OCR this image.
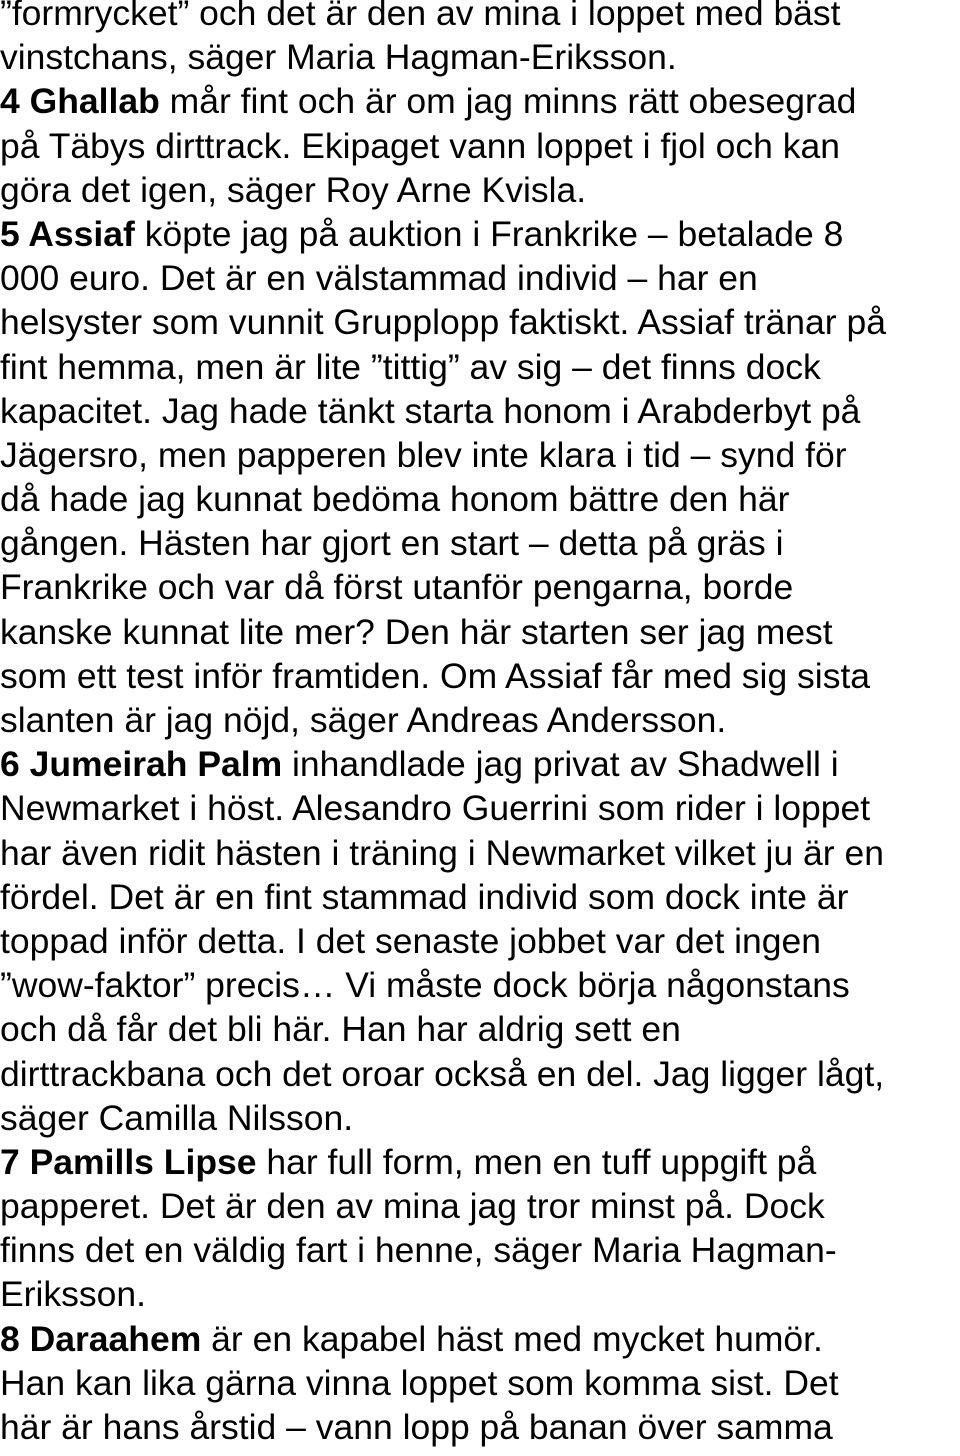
”formrycket” och det är den av mina i loppet med bäst
vinstchans, säger Maria Hagman-Eriksson.
4 Ghallab mår fint och är om jag minns rätt obesegrad
på Täbys dirttrack. Ekipaget vann loppet i fjol och kan
göra det igen, säger Roy Arne Kvisla.
5 Assiaf köpte jag på auktion i Frankrike – betalade 8
000 euro. Det är en välstammad individ – har en
helsyster som vunnit Grupplopp faktiskt. Assiaf tränar på
fint hemma, men är lite ”tittig” av sig – det finns dock
kapacitet. Jag hade tänkt starta honom i Arabderbyt på
Jägersro, men papperen blev inte klara i tid – synd för
då hade jag kunnat bedöma honom bättre den här
gången. Hästen har gjort en start – detta på gräs i
Frankrike och var då först utanför pengarna, borde
kanske kunnat lite mer? Den här starten ser jag mest
som ett test inför framtiden. Om Assiaf får med sig sista
slanten är jag nöjd, säger Andreas Andersson.
6 Jumeirah Palm inhandlade jag privat av Shadwell i
Newmarket i höst. Alesandro Guerrini som rider i loppet
har även ridit hästen i träning i Newmarket vilket ju är en
fördel. Det är en fint stammad individ som dock inte är
toppad inför detta. I det senaste jobbet var det ingen
”wow-faktor” precis… Vi måste dock börja någonstans
och då får det bli här. Han har aldrig sett en
dirttrackbana och det oroar också en del. Jag ligger lågt,
säger Camilla Nilsson.
7 Pamills Lipse har full form, men en tuff uppgift på
papperet. Det är den av mina jag tror minst på. Dock
finns det en väldig fart i henne, säger Maria Hagman-
Eriksson.
8 Daraahem är en kapabel häst med mycket humör.
Han kan lika gärna vinna loppet som komma sist. Det
här är hans årstid – vann lopp på banan över samma
